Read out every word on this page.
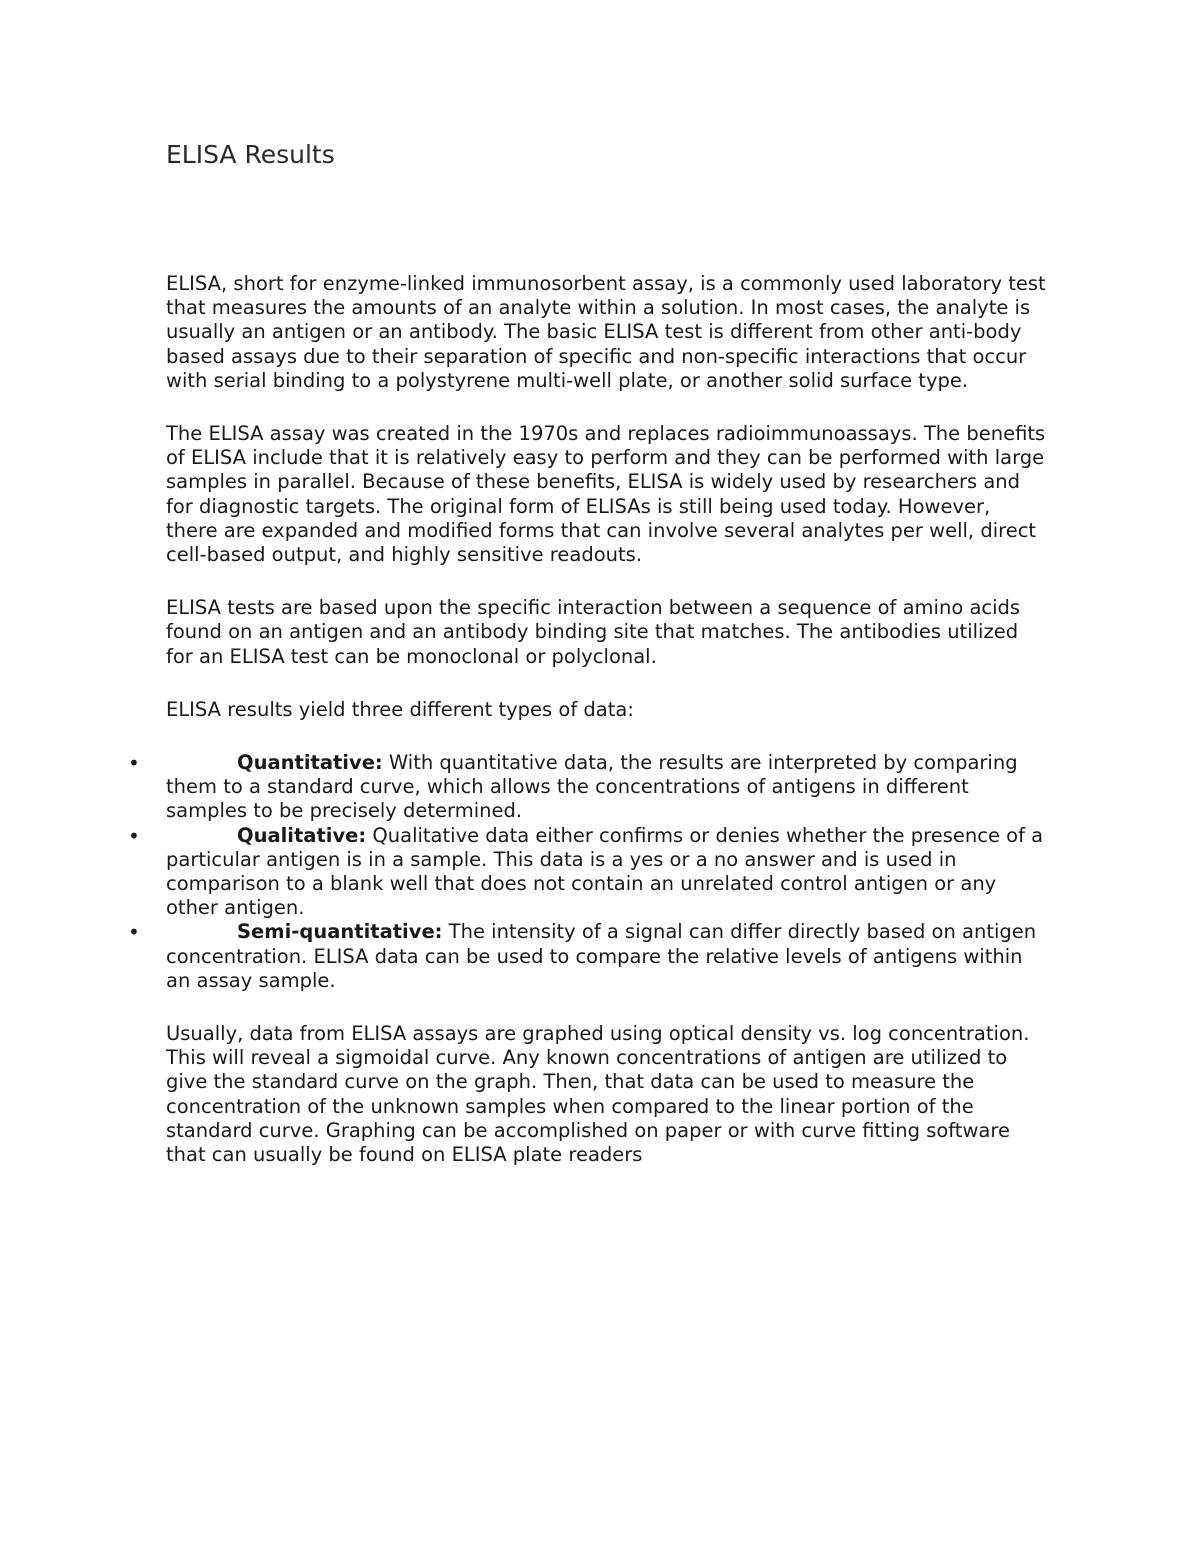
ELISA Results

ELISA, short for enzyme-linked immunosorbent assay, is a commonly used laboratory test that measures the amounts of an analyte within a solution. In most cases, the analyte is usually an antigen or an antibody. The basic ELISA test is different from other anti-body based assays due to their separation of specific and non-specific interactions that occur with serial binding to a polystyrene multi-well plate, or another solid surface type.

The ELISA assay was created in the 1970s and replaces radioimmunoassays. The benefits of ELISA include that it is relatively easy to perform and they can be performed with large samples in parallel. Because of these benefits, ELISA is widely used by researchers and for diagnostic targets. The original form of ELISAs is still being used today. However, there are expanded and modified forms that can involve several analytes per well, direct cell-based output, and highly sensitive readouts.

ELISA tests are based upon the specific interaction between a sequence of amino acids found on an antigen and an antibody binding site that matches. The antibodies utilized for an ELISA test can be monoclonal or polyclonal.

ELISA results yield three different types of data:

•	Quantitative: With quantitative data, the results are interpreted by comparing them to a standard curve, which allows the concentrations of antigens in different samples to be precisely determined.
•	Qualitative: Qualitative data either confirms or denies whether the presence of a particular antigen is in a sample. This data is a yes or a no answer and is used in comparison to a blank well that does not contain an unrelated control antigen or any other antigen.
•	Semi-quantitative: The intensity of a signal can differ directly based on antigen concentration. ELISA data can be used to compare the relative levels of antigens within an assay sample.

Usually, data from ELISA assays are graphed using optical density vs. log concentration. This will reveal a sigmoidal curve. Any known concentrations of antigen are utilized to give the standard curve on the graph. Then, that data can be used to measure the concentration of the unknown samples when compared to the linear portion of the standard curve. Graphing can be accomplished on paper or with curve fitting software that can usually be found on ELISA plate readers
